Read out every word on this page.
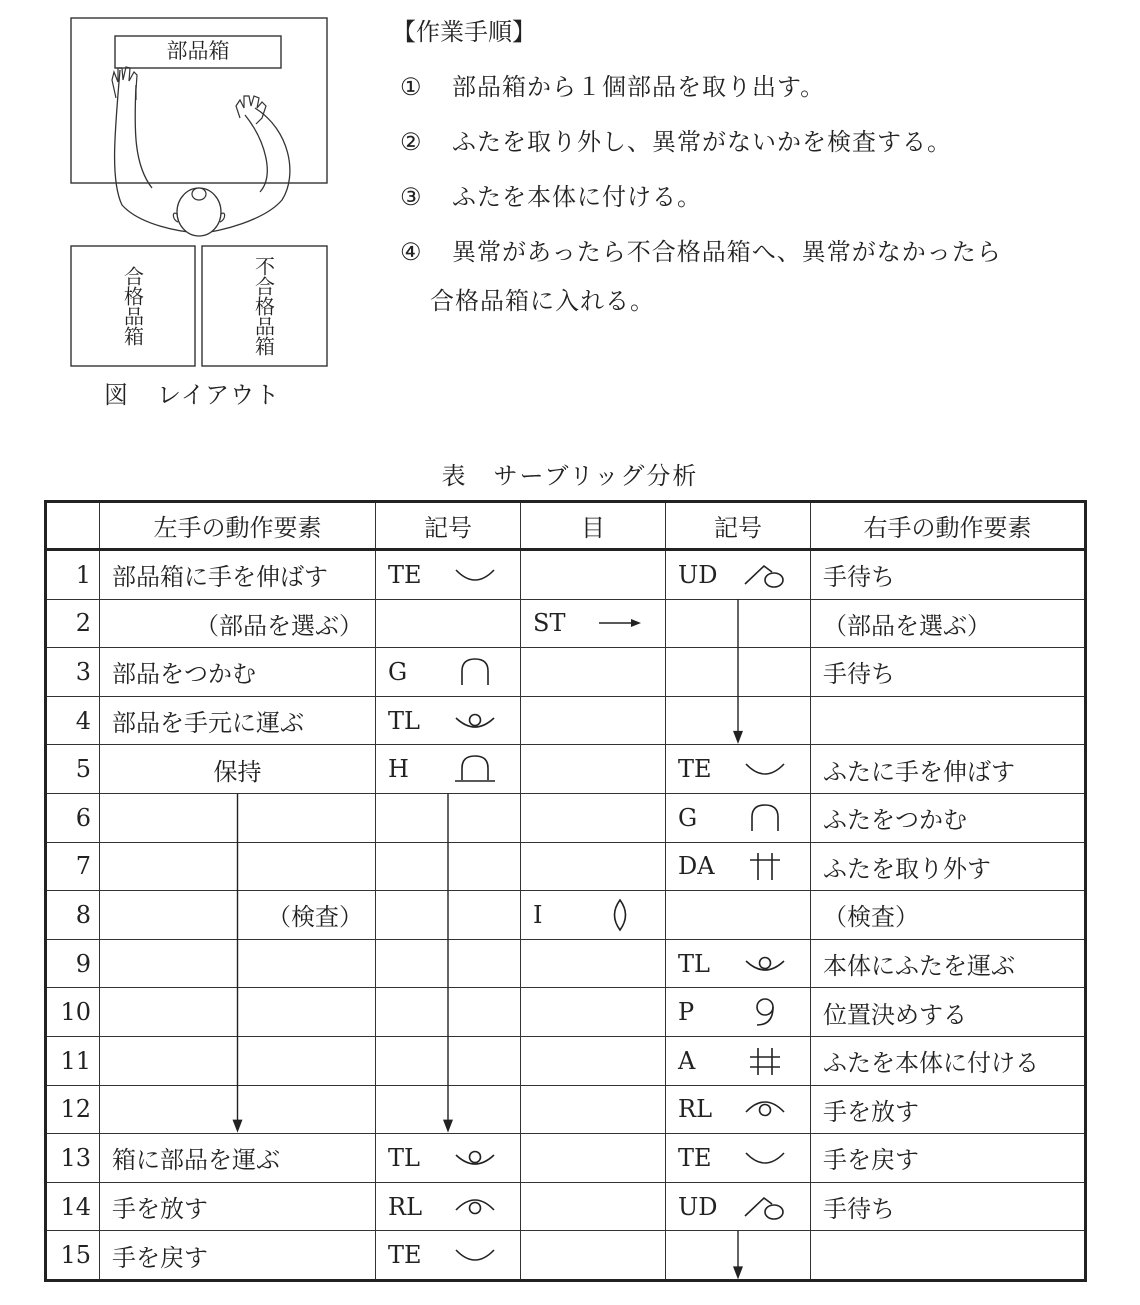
部品箱
合格品箱	不合格品箱
図 レイアウト
【作業手順】
① 部品箱から１個部品を取り出す。
② ふたを取り外し、異常がないかを検査する。
③ ふたを本体に付ける。
④ 異常があったら不合格品箱へ、異常がなかったら
合格品箱に入れる。
表 サーブリッグ分析
	左手の動作要素	記号	目	記号	右手の動作要素
1	部品箱に手を伸ばす	TE		UD	手待ち
2	（部品を選ぶ）		ST		（部品を選ぶ）
3	部品をつかむ	G			手待ち
4	部品を手元に運ぶ	TL			

5	保持	H		TE	ふたに手を伸ばす
6				G	ふたをつかむ
7				DA	ふたを取り外す
8	（検査）		I		（検査）
9				TL	本体にふたを運ぶ
10				P	位置決めする
11				A	ふたを本体に付ける
12				RL	手を放す
13	箱に部品を運ぶ	TL		TE	手を戻す
14	手を放す	RL		UD	手待ち
15	手を戻す	TE			
